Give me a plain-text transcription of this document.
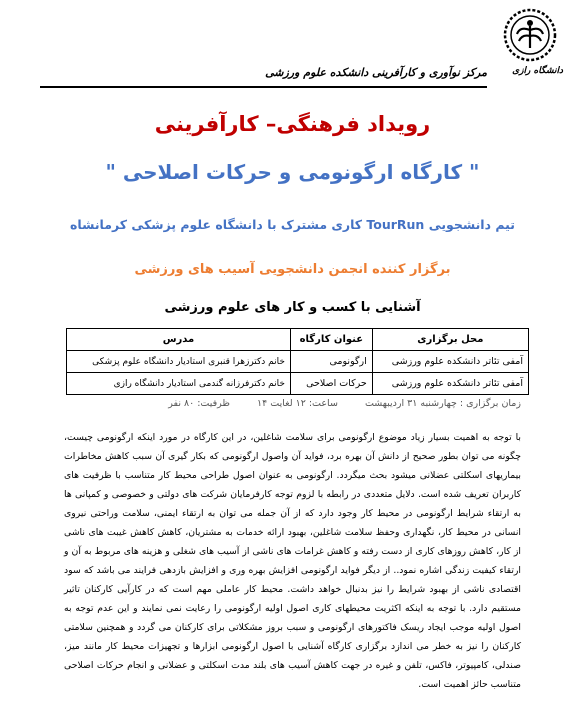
دانشگاه رازی
مرکز نوآوری و کارآفرینی دانشکده علوم ورزشی
رویداد فرهنگی– کارآفرینی
" کارگاه ارگونومی و حرکات اصلاحی "
تیم دانشجویی TourRun کاری مشترک با دانشگاه علوم پزشکی کرمانشاه
برگزار کننده انجمن دانشجویی آسیب های ورزشی
آشنایی با کسب و کار های علوم ورزشی
محل برگزاری	عنوان کارگاه	مدرس
آمفی تئاتر دانشکده علوم ورزشی	ارگونومی	خانم دکترزهرا قنبری استادیار دانشگاه علوم پزشکی
آمفی تئاتر دانشکده علوم ورزشی	حرکات اصلاحی	خانم دکترفرزانه گندمی استادیار دانشگاه رازی
زمان برگزاری : چهارشنبه ۳۱ اردیبهشت ساعت: ۱۲ لغایت ۱۴ ظرفیت: ۸۰ نفر
با توجه به اهمیت بسیار زیاد موضوع ارگونومی برای سلامت شاغلین، در این کارگاه در مورد اینکه ارگونومی چیست، چگونه می توان بطور صحیح از دانش آن بهره برد، فواید آن واصول ارگونومی که بکار گیری آن سبب کاهش مخاطرات بیماریهای اسکلتی عضلانی میشود بحث میگردد. ارگونومی به عنوان اصول طراحی محیط کار متناسب با ظرفیت های کاربران تعریف شده است. دلایل متعددی در رابطه با لزوم توجه کارفرمایان شرکت های دولتی و خصوصی و کمپانی ها به ارتقاء شرایط ارگونومی در محیط کار وجود دارد که از آن جمله می توان به ارتقاء ایمنی، سلامت وراحتی نیروی انسانی در محیط کار، نگهداری وحفظ سلامت شاغلین، بهبود ارائه خدمات به مشتریان، کاهش کاهش غیبت های ناشی از کار، کاهش روزهای کاری از دست رفته و کاهش غرامات های ناشی از آسیب های شغلی و هزینه های مربوط به آن و ارتقاء کیفیت زندگی اشاره نمود.. از دیگر فواید ارگونومی افزایش بهره وری و افزایش بازدهی فرایند می باشد که سود اقتصادی ناشی از بهبود شرایط را نیز بدنبال خواهد داشت. محیط کار عاملی مهم است که در کارآیی کارکنان تاثیر مستقیم دارد. با توجه به اینکه اکثریت محیطهای کاری اصول اولیه ارگونومی را رعایت نمی نمایند و این عدم توجه به اصول اولیه موجب ایجاد ریسک فاکتورهای ارگونومی و سبب بروز مشکلاتی برای کارکنان می گردد و همچنین سلامتی کارکنان را نیز به خطر می اندازد برگزاری کارگاه آشنایی با اصول ارگونومی ابزارها و تجهیزات محیط کار مانند میز، صندلی، کامپیوتر، فاکس، تلفن و غیره در جهت کاهش آسیب های بلند مدت اسکلتی و عضلانی و انجام حرکات اصلاحی متناسب حائز اهمیت است.
